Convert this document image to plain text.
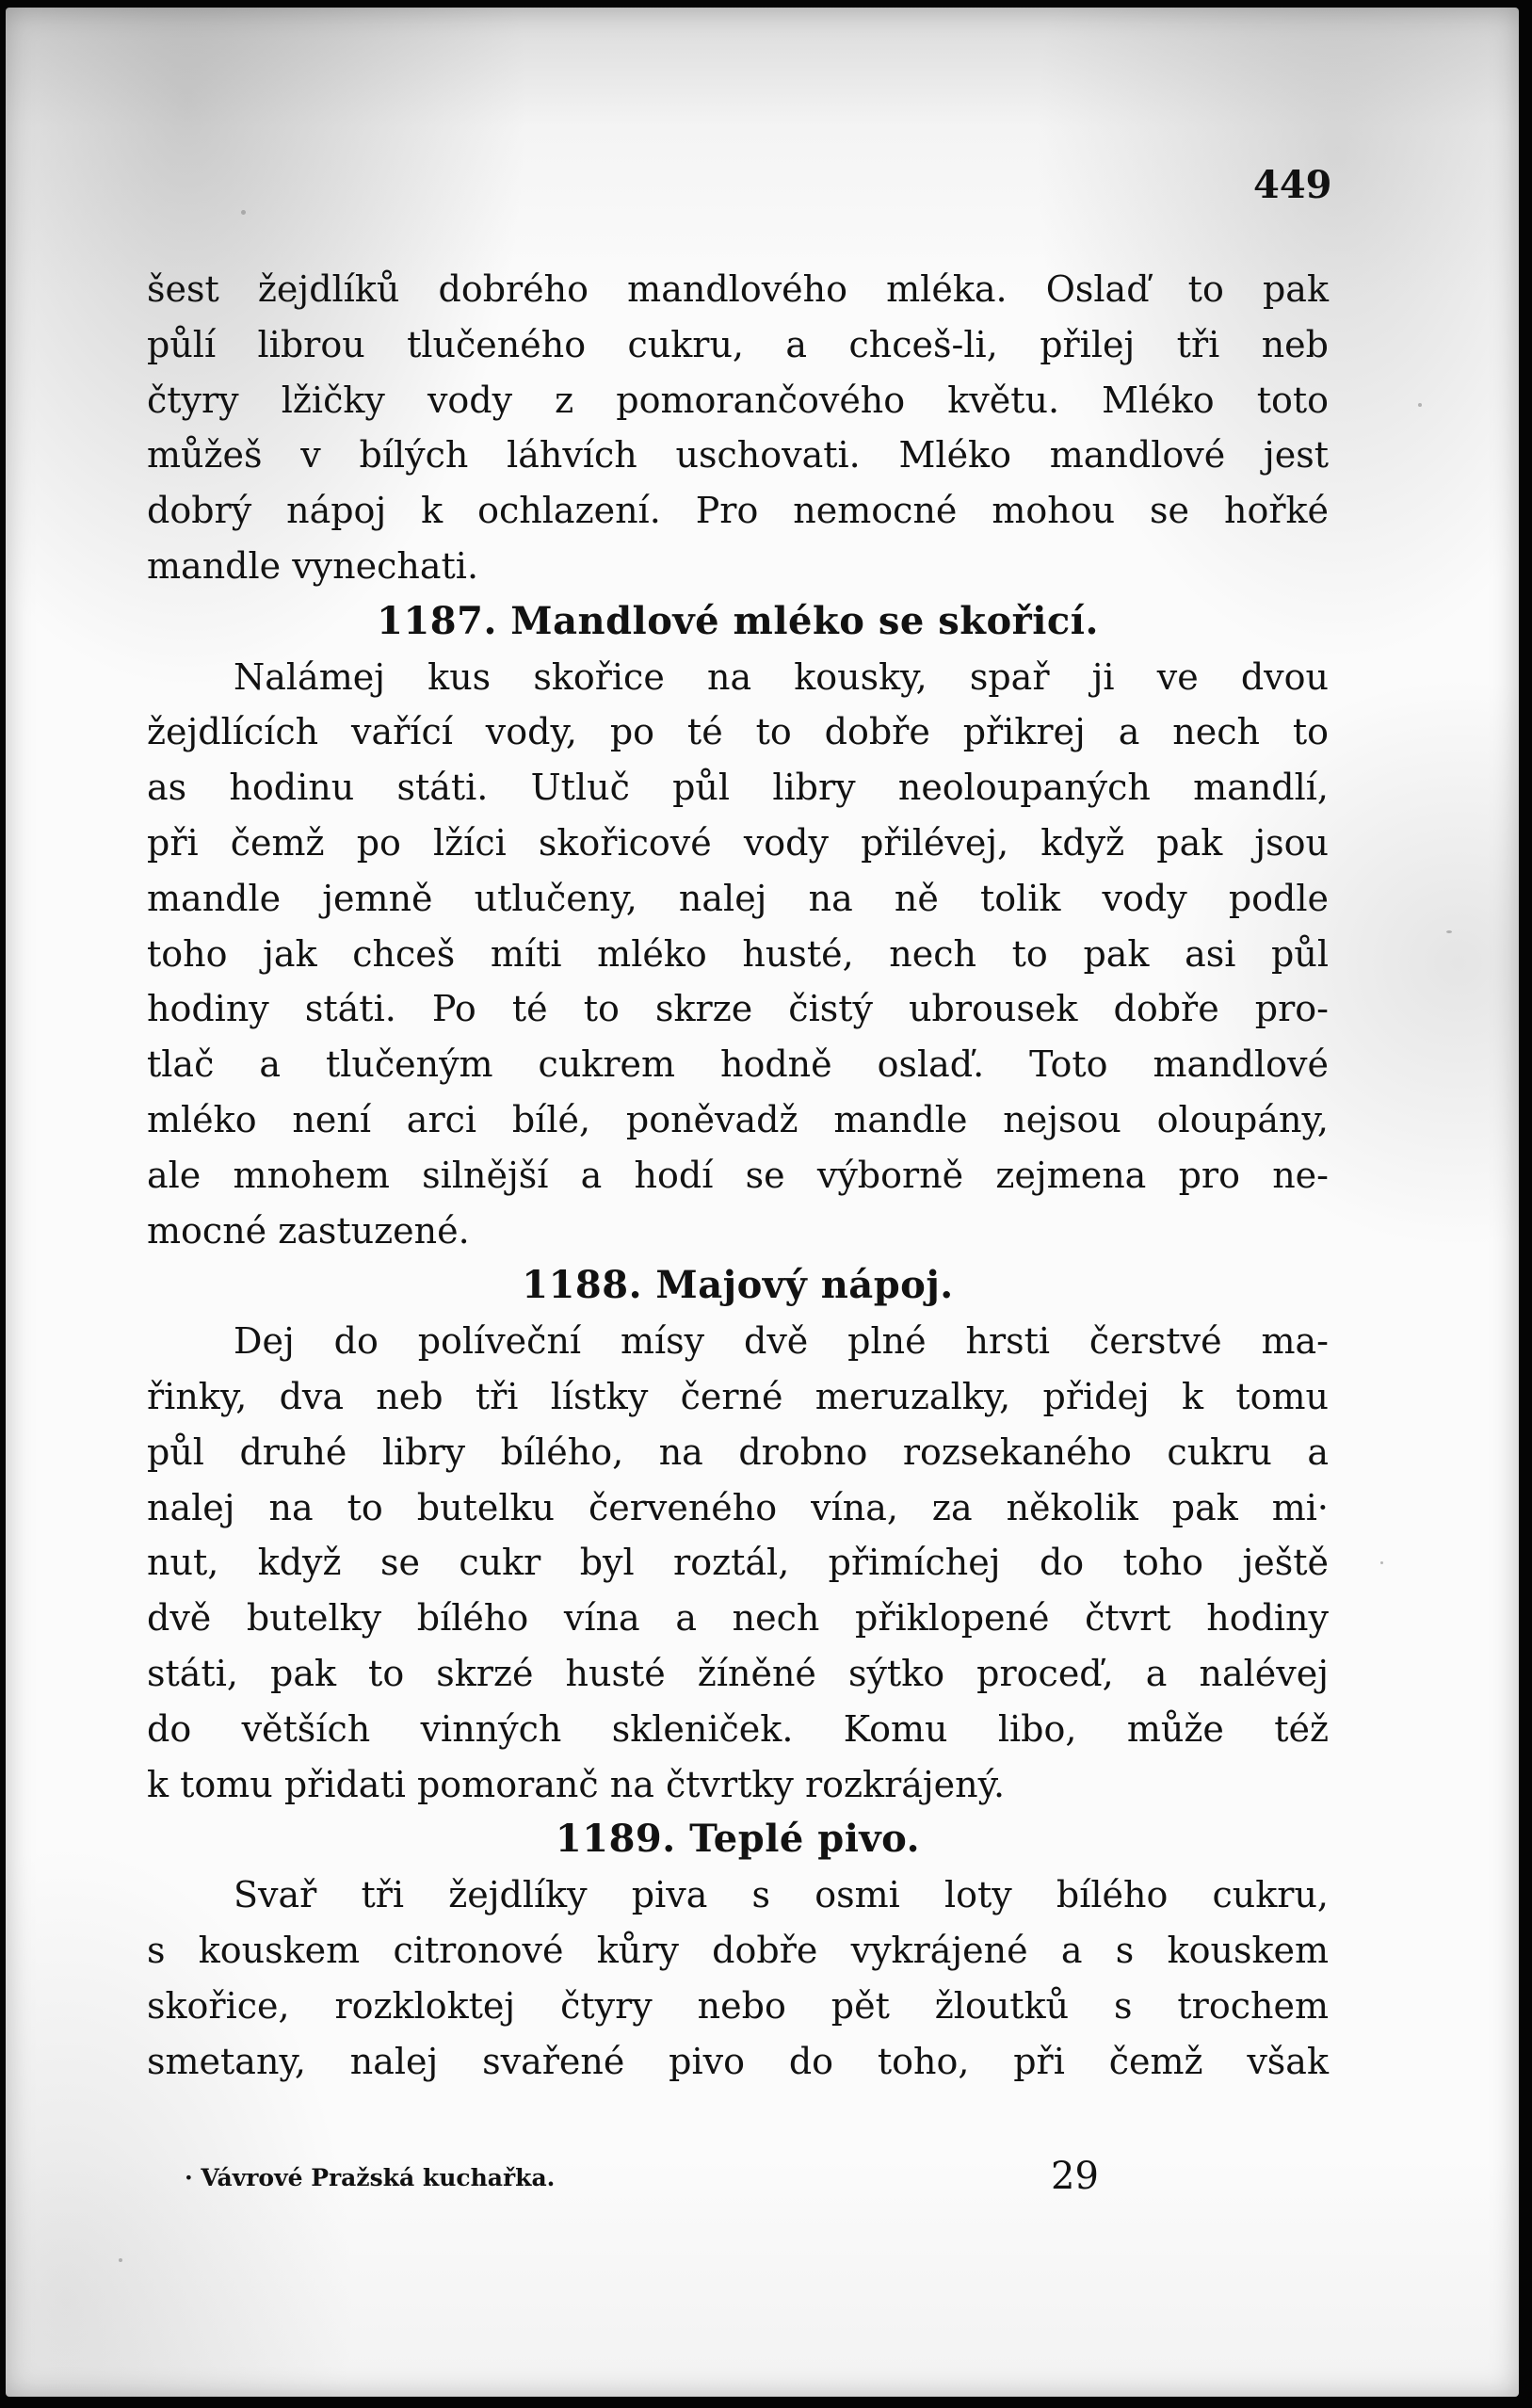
449
šest žejdlíků dobrého mandlového mléka. Oslaď to pak
půlí librou tlučeného cukru, a chceš-li, přilej tři neb
čtyry lžičky vody z pomorančového květu. Mléko toto
můžeš v bílých láhvích uschovati. Mléko mandlové jest
dobrý nápoj k ochlazení. Pro nemocné mohou se hořké
mandle vynechati.
1187. Mandlové mléko se skořicí.
Nalámej kus skořice na kousky, spař ji ve dvou
žejdlících vařící vody, po té to dobře přikrej a nech to
as hodinu státi. Utluč půl libry neoloupaných mandlí,
při čemž po lžíci skořicové vody přilévej, když pak jsou
mandle jemně utlučeny, nalej na ně tolik vody podle
toho jak chceš míti mléko husté, nech to pak asi půl
hodiny státi. Po té to skrze čistý ubrousek dobře pro-
tlač a tlučeným cukrem hodně oslaď. Toto mandlové
mléko není arci bílé, poněvadž mandle nejsou oloupány,
ale mnohem silnější a hodí se výborně zejmena pro ne-
mocné zastuzené.
1188. Majový nápoj.
Dej do políveční mísy dvě plné hrsti čerstvé ma-
řinky, dva neb tři lístky černé meruzalky, přidej k tomu
půl druhé libry bílého, na drobno rozsekaného cukru a
nalej na to butelku červeného vína, za několik pak mi·
nut, když se cukr byl roztál, přimíchej do toho ještě
dvě butelky bílého vína a nech přiklopené čtvrt hodiny
státi, pak to skrzé husté žíněné sýtko proceď, a nalévej
do větších vinných skleniček. Komu libo, může též
k tomu přidati pomoranč na čtvrtky rozkrájený.
1189. Teplé pivo.
Svař tři žejdlíky piva s osmi loty bílého cukru,
s kouskem citronové kůry dobře vykrájené a s kouskem
skořice, rozkloktej čtyry nebo pět žloutků s trochem
smetany, nalej svařené pivo do toho, při čemž však
· Vávrové Pražská kuchařka.	29
